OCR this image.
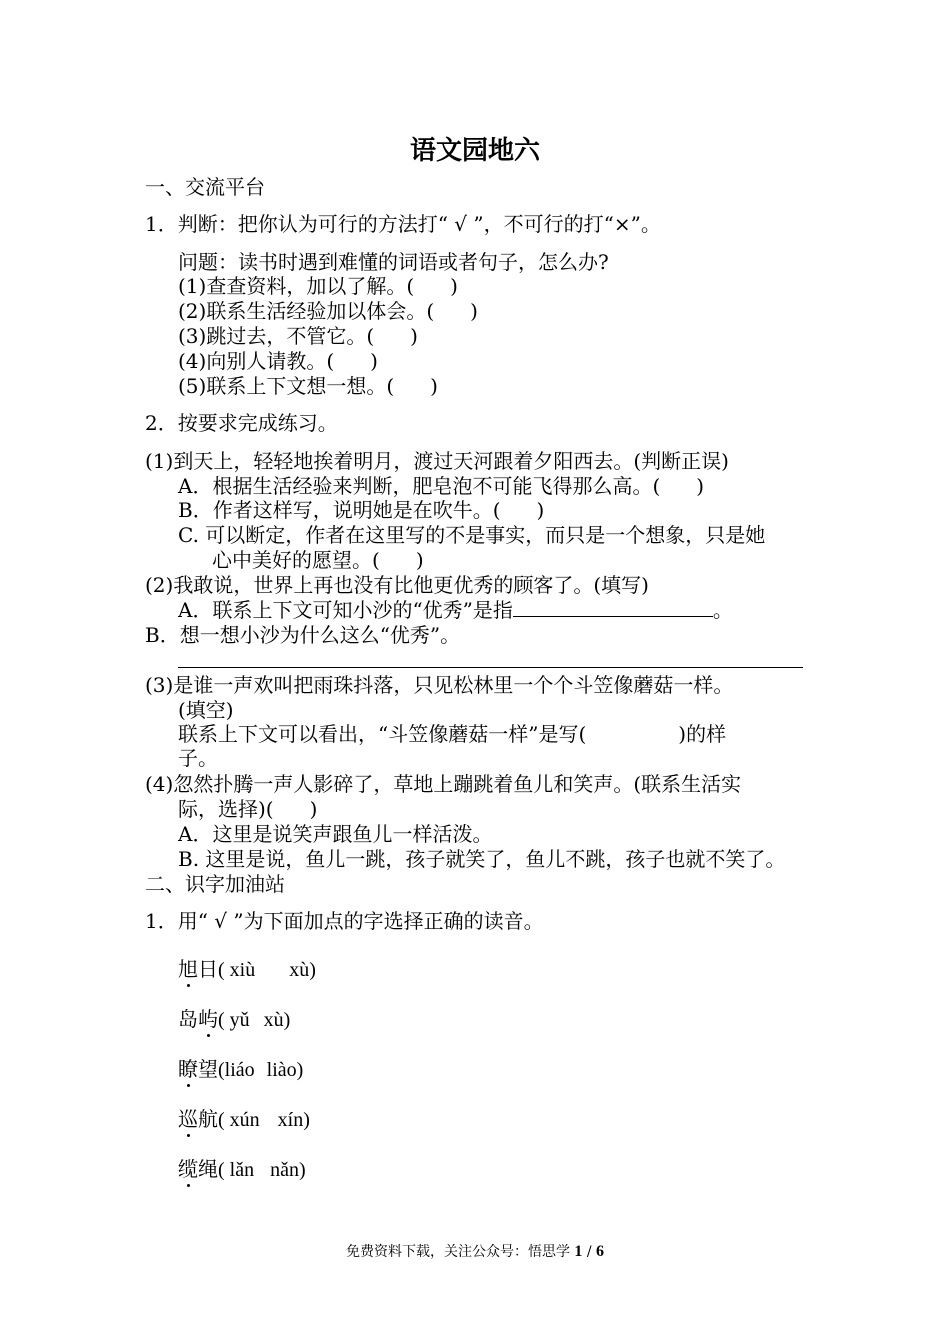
语文园地六
一、交流平台
1．判断：把你认为可行的方法打“ √ ”，不可行的打“×”。
问题：读书时遇到难懂的词语或者句子，怎么办?
(1)查查资料，加以了解。( )
(2)联系生活经验加以体会。( )
(3)跳过去，不管它。( )
(4)向别人请教。( )
(5)联系上下文想一想。( )
2．按要求完成练习。
(1)到天上，轻轻地挨着明月，渡过天河跟着夕阳西去。(判断正误)
A．根据生活经验来判断，肥皂泡不可能飞得那么高。( )
B．作者这样写，说明她是在吹牛。( )
C. 可以断定，作者在这里写的不是事实，而只是一个想象，只是她
心中美好的愿望。( )
(2)我敢说，世界上再也没有比他更优秀的顾客了。(填写)
A．联系上下文可知小沙的“优秀”是指	。
B．想一想小沙为什么这么“优秀”。
(3)是谁一声欢叫把雨珠抖落，只见松林里一个个斗笠像蘑菇一样。
(填空)
联系上下文可以看出，“斗笠像蘑菇一样”是写(	)的样
子。
(4)忽然扑腾一声人影碎了，草地上蹦跳着鱼儿和笑声。(联系生活实
际，选择)( )
A．这里是说笑声跟鱼儿一样活泼。
B. 这里是说，鱼儿一跳，孩子就笑了，鱼儿不跳，孩子也就不笑了。
二、识字加油站
1．用“ √ ”为下面加点的字选择正确的读音。
旭日( xiù xù)
岛屿( yǔ xù)
瞭望(liáo liào)
巡航( xún xín)
缆绳( lǎn nǎn)
免费资料下载，关注公众号：悟思学 1 / 6
